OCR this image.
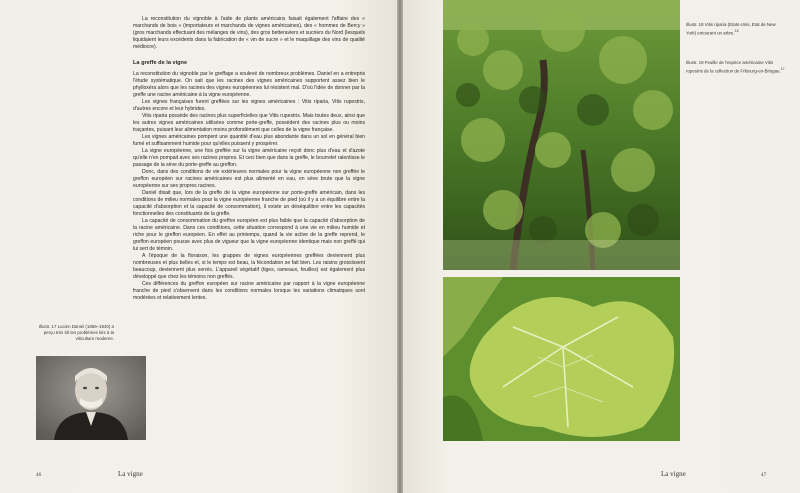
La reconstitution du vignoble à l'aide de plants américains faisait également l'affaire des « marchands de bois » (importateurs et marchands de vignes américaines), des « hommes de Bercy » (gros marchands effectuant des mélanges de vins), des gros betteraviers et sucriers du Nord (lesquels liquidaient leurs excédents dans la fabrication de « vin de sucre » et le maquillage des vins de qualité médiocre).

La greffe de la vigne

La reconstitution du vignoble par le greffage a soulevé de nombreux problèmes. Daniel en a entrepris l'étude systématique. On sait que les racines des vignes américaines supportent assez bien le phylloxéra alors que les racines des vignes européennes lui résistent mal. D'où l'idée de donner par la greffe une racine américaine à la vigne européenne.

Les vignes françaises furent greffées sur les vignes américaines : Vitis riparia, Vitis rupestris, d'autres encore et leur hybrides.

Vitis riparia possède des racines plus superficielles que Vitis rupestris. Mais toutes deux, ainsi que les autres vignes américaines utilisées comme porte-greffe, possèdent des racines plus ou moins traçantes, puisant leur alimentation moins profondément que celles de la vigne française.

Les vignes américaines pompent une quantité d'eau plus abondante dans un sol en général bien fumé et suffisamment humide pour qu'elles puissent y prospérer.

La vigne européenne, une fois greffée sur la vigne américaine reçoit donc plus d'eau et d'azote qu'elle n'en pompait avec ses racines propres. Et ceci bien que dans la greffe, le bourrelet ralentisse le passage de la sève du porte-greffe au greffon.

Donc, dans des conditions de vie extérieures normales pour la vigne européenne non greffée le greffon européen sur racines américaines est plus alimenté en eau, en sève brute que la vigne européenne sur ses propres racines.

Daniel disait que, lors de la greffe de la vigne européenne sur porte-greffe américain, dans les conditions de milieu normales pour la vigne européenne franche de pied (où il y a un équilibre entre la capacité d'absorption et la capacité de consommation), il existe un déséquilibre entre les capacités fonctionnelles des constituants de la greffe.

La capacité de consommation du greffon européen est plus faible que la capacité d'absorption de la racine américaine. Dans ces conditions, cette situation correspond à une vie en milieu humide et riche pour le greffon européen. En effet au printemps, quand la vie active de la greffe reprend, le greffon européen pousse avec plus de vigueur que la vigne européenne identique mais non greffé qui lui sert de témoin.

A l'époque de la floraison, les grappes de vignes européennes greffées deviennent plus nombreuses et plus belles et, si le temps est beau, la fécondation se fait bien. Les raisins grossissent beaucoup, deviennent plus serrés. L'appareil végétatif (tiges, rameaux, feuilles) est également plus développé que chez les témoins non greffés.

Ces différences du greffon européen sur racine américaine par rapport à la vigne européenne franche de pied s'observent dans les conditions normales lorsque les variations climatiques sont modérées et relativement lentes.

Illustr. 17 Lucien Daniel (1856–1940) a perçu très tôt les problèmes liés à la viticulture moderne.
46	La vigne
Illustr. 18 Vitis riparia (Etats-Unis, Etat de New York) entourant un arbre.$^{16}$
Illustr. 19 Feuille de l'espèce américaine Vitis rupestris de la collection de Fribourg-en-Brisgau.$^{17}$
La vigne	47
